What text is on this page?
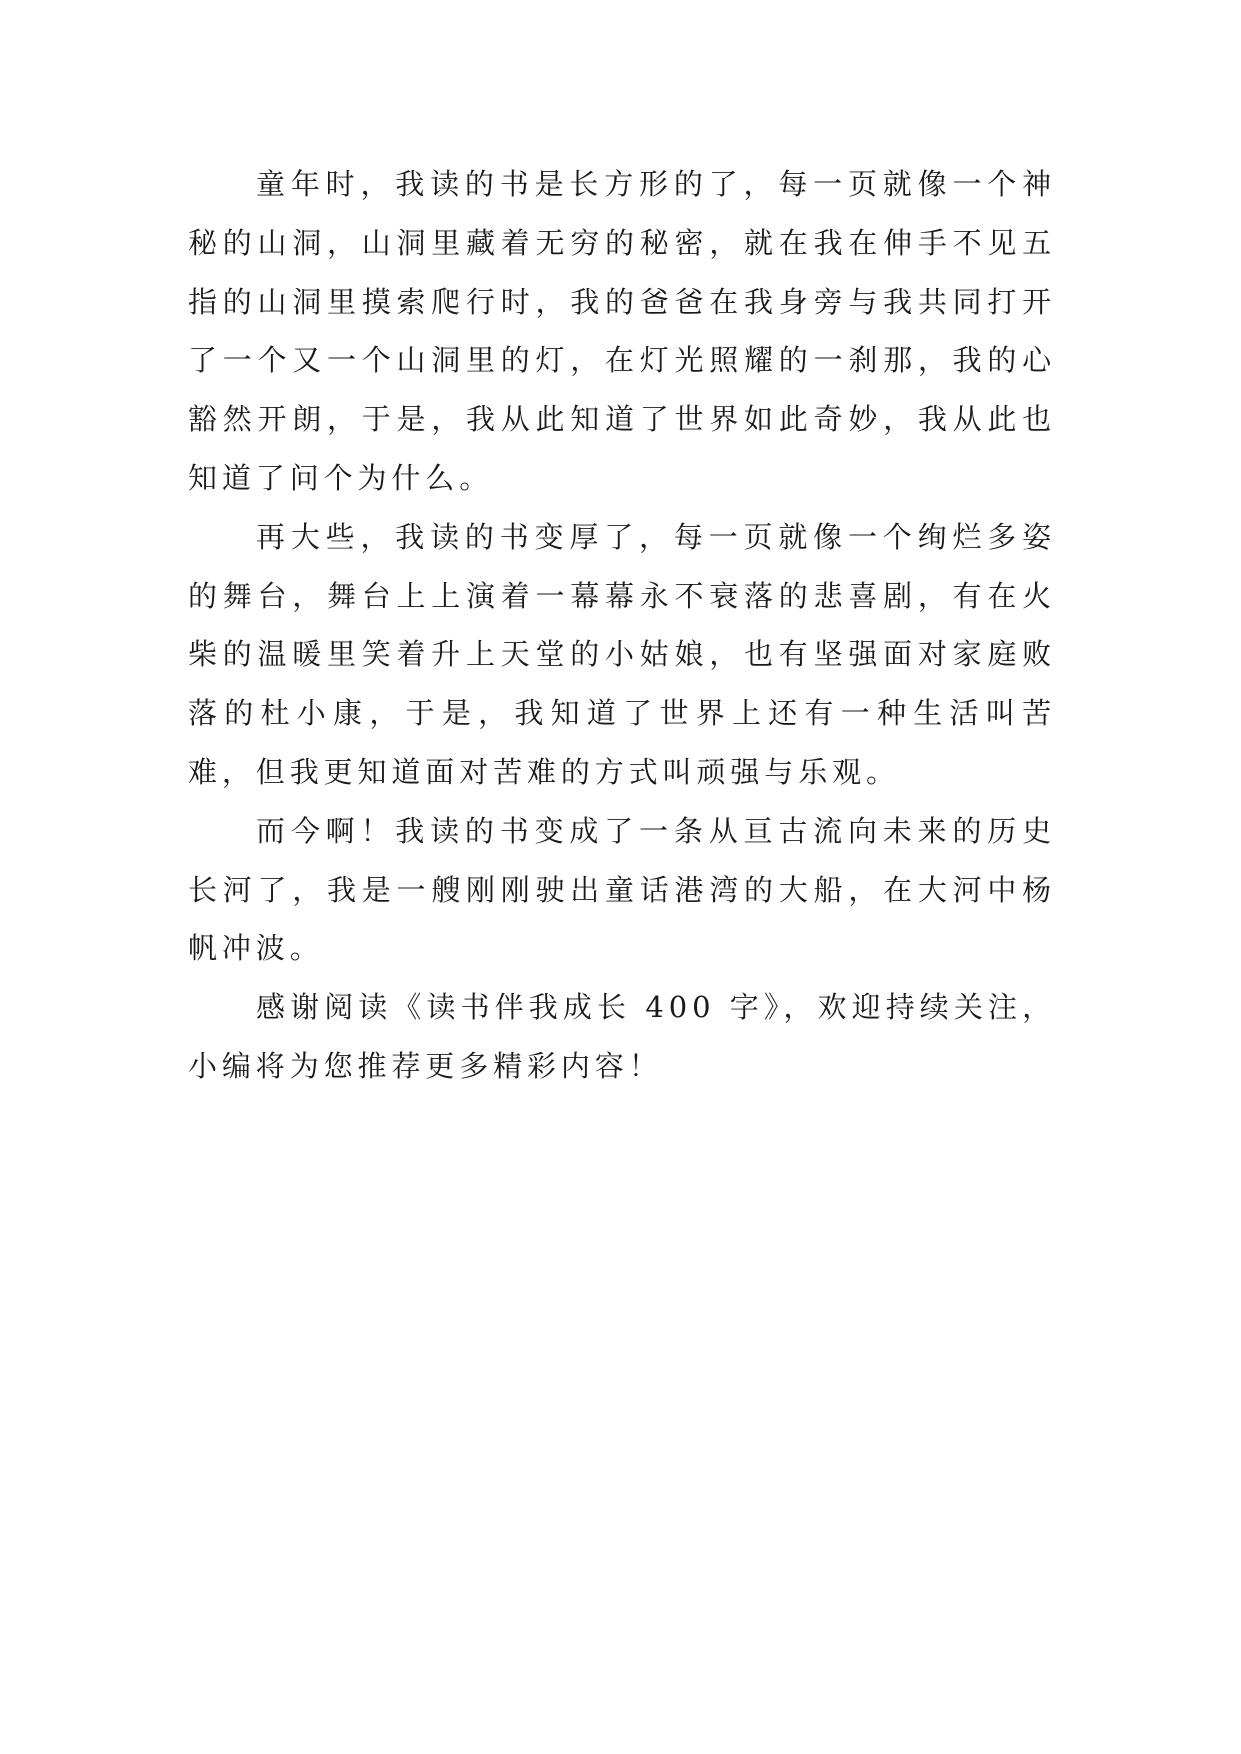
童年时，我读的书是长方形的了，每一页就像一个神秘的山洞，山洞里藏着无穷的秘密，就在我在伸手不见五指的山洞里摸索爬行时，我的爸爸在我身旁与我共同打开了一个又一个山洞里的灯，在灯光照耀的一刹那，我的心豁然开朗，于是，我从此知道了世界如此奇妙，我从此也知道了问个为什么。

再大些，我读的书变厚了，每一页就像一个绚烂多姿的舞台，舞台上上演着一幕幕永不衰落的悲喜剧，有在火柴的温暖里笑着升上天堂的小姑娘，也有坚强面对家庭败落的杜小康，于是，我知道了世界上还有一种生活叫苦难，但我更知道面对苦难的方式叫顽强与乐观。

而今啊！我读的书变成了一条从亘古流向未来的历史长河了，我是一艘刚刚驶出童话港湾的大船，在大河中杨帆冲波。

感谢阅读《读书伴我成长 400 字》，欢迎持续关注，小编将为您推荐更多精彩内容！
